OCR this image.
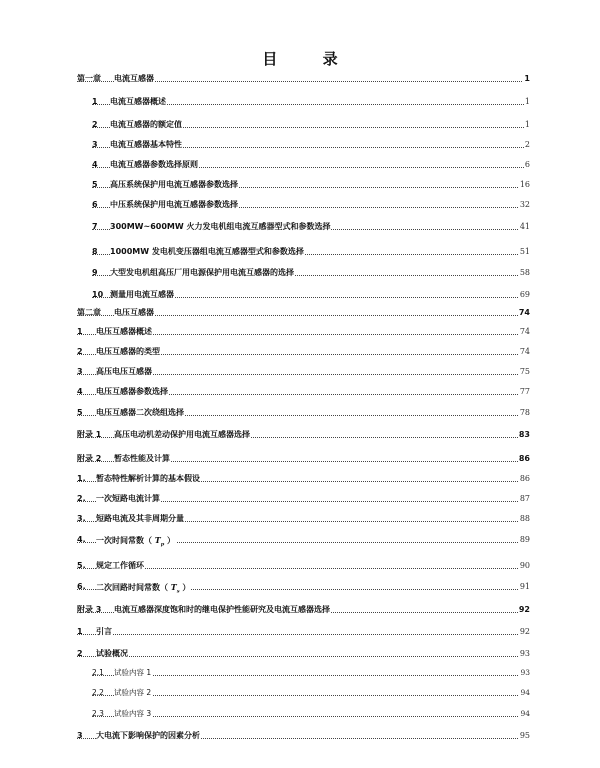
目 录
第一章 电流互感器	1
1 电流互感器概述	1
2 电流互感器的额定值	1
3 电流互感器基本特性	2
4 电流互感器参数选择原则	6
5 高压系统保护用电流互感器参数选择	16
6 中压系统保护用电流互感器参数选择	32
7 300MW~600MW 火力发电机组电流互感器型式和参数选择	41
8 1000MW 发电机变压器组电流互感器型式和参数选择	51
9 大型发电机组高压厂用电源保护用电流互感器的选择	58
10 测量用电流互感器	69
第二章 电压互感器	74
1 电压互感器概述	74
2 电压互感器的类型	74
3 高压电压互感器	75
4 电压互感器参数选择	77
5 电压互感器二次绕组选择	78
附录 1 高压电动机差动保护用电流互感器选择	83
附录 2 暂态性能及计算	86
1. 暂态特性解析计算的基本假设	86
2. 一次短路电流计算	87
3. 短路电流及其非周期分量	88
4. 一次时间常数（ $T_p$ ）	89
5. 规定工作循环	90
6. 二次回路时间常数（ $T_s$ ）	91
附录 3 电流互感器深度饱和时的继电保护性能研究及电流互感器选择	92
1 引言	92
2 试验概况	93
2.1 试验内容 1	93
2.2 试验内容 2	94
2.3 试验内容 3	94
3 大电流下影响保护的因素分析	95
